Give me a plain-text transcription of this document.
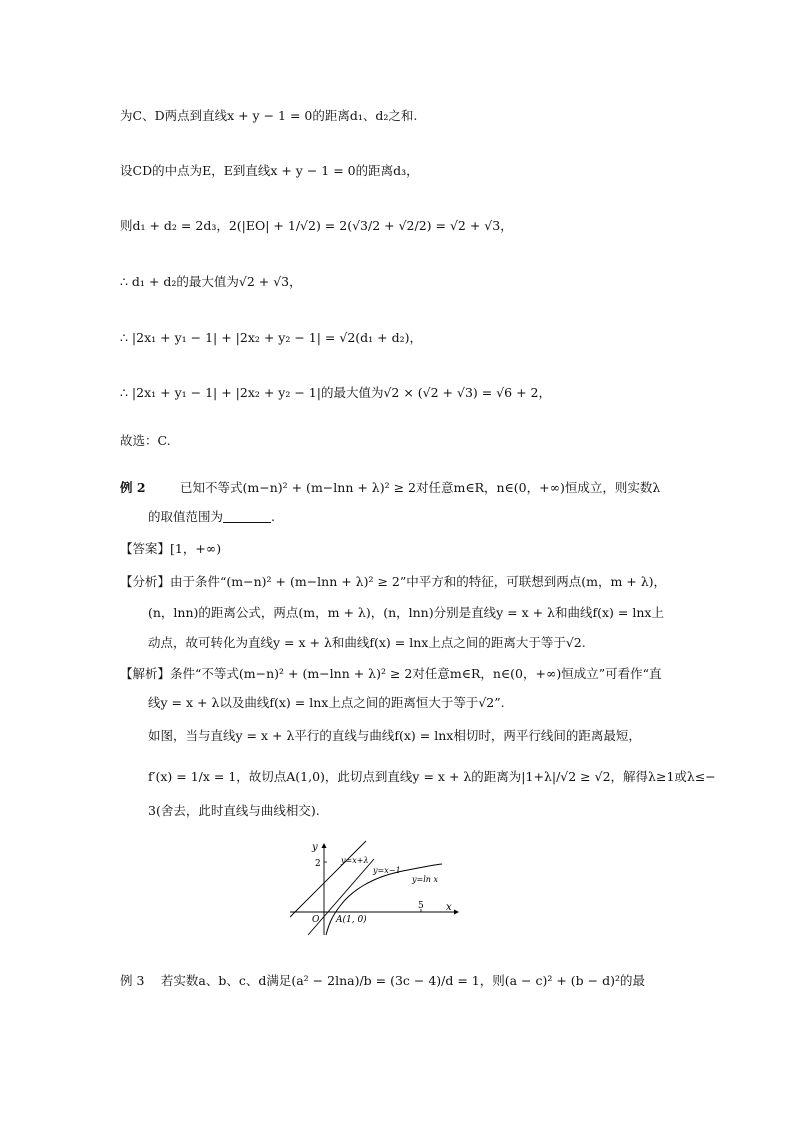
为C、D两点到直线x + y − 1 = 0的距离d₁、d₂之和.
设CD的中点为E，E到直线x + y − 1 = 0的距离d₃，
则d₁ + d₂ = 2d₃，2(|EO| + 1/√2) = 2(√3/2 + √2/2) = √2 + √3，
∴ d₁ + d₂的最大值为√2 + √3，
∴ |2x₁ + y₁ − 1| + |2x₂ + y₂ − 1| = √2(d₁ + d₂)，
∴ |2x₁ + y₁ − 1| + |2x₂ + y₂ − 1|的最大值为√2 × (√2 + √3) = √6 + 2，
故选：C.
例 2	已知不等式(m−n)² + (m−lnn + λ)² ≥ 2对任意m∈R，n∈(0，+∞)恒成立，则实数λ
的取值范围为	.
【答案】[1，+∞)
【分析】由于条件“(m−n)² + (m−lnn + λ)² ≥ 2”中平方和的特征，可联想到两点(m，m + λ)，
(n，lnn)的距离公式，两点(m，m + λ)，(n，lnn)分别是直线y = x + λ和曲线f(x) = lnx上
动点，故可转化为直线y = x + λ和曲线f(x) = lnx上点之间的距离大于等于√2.
【解析】条件“不等式(m−n)² + (m−lnn + λ)² ≥ 2对任意m∈R，n∈(0，+∞)恒成立”可看作“直
线y = x + λ以及曲线f(x) = lnx上点之间的距离恒大于等于√2”.
如图，当与直线y = x + λ平行的直线与曲线f(x) = lnx相切时，两平行线间的距离最短，
f′(x) = 1/x = 1，故切点A(1,0)，此切点到直线y = x + λ的距离为|1+λ|/√2 ≥ √2，解得λ≥1或λ≤−
3(舍去，此时直线与曲线相交).
y
x
2
5
O A(1, 0)
y=x+λ
y=x−1
y=ln x
例 3　 若实数a、b、c、d满足(a² − 2lna)/b = (3c − 4)/d = 1，则(a − c)² + (b − d)²的最
